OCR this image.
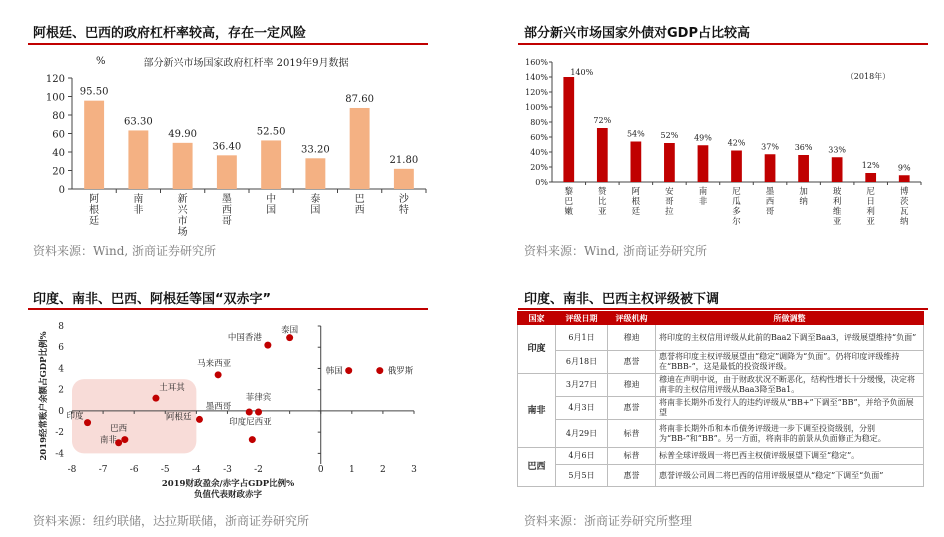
阿根廷、巴西的政府杠杆率较高，存在一定风险
%	部分新兴市场国家政府杠杆率 2019年9月数据
0
20
40
60
80
100
120
95.50
阿根廷
63.30
南非
49.90
新兴市场
36.40
墨西哥
52.50
中国
33.20
泰国
87.60
巴西
21.80
沙特
资料来源：Wind, 浙商证券研究所
部分新兴市场国家外债对GDP占比较高
0%
20%
40%
60%
80%
100%
120%
140%
160%
（2018年）
140%
黎巴嫩
72%
赞比亚
54%
阿根廷
52%
安哥拉
49%
南非
42%
尼瓜多尔
37%
墨西哥
36%
加纳
33%
玻利维亚
12%
尼日利亚
9%
博茨瓦纳
资料来源：Wind, 浙商证券研究所
印度、南非、巴西、阿根廷等国“双赤字”
-4
-2
0
2
4
6
8
-8 -7 -6 -5 -4 -3 -2	0	1	2	3
2019财政盈余/赤字占GDP比例%
负值代表财政赤字
2019经常账户余额占GDP比例%
泰国
中国香港
韩国	俄罗斯
马来西亚
土耳其
印度
巴西
南非
阿根廷
墨西哥
菲律宾
印度尼西亚
资料来源：纽约联储，达拉斯联储，浙商证券研究所
印度、南非、巴西主权评级被下调
国家	评级日期	评级机构	所做调整
印度	6月1日	穆迪	将印度的主权信用评级从此前的Baa2下调至Baa3，评级展望维持“负面”
	6月18日	惠誉	惠誉将印度主权评级展望由“稳定”调降为“负面”。仍将印度评级维持在“BBB-”，这是最低的投资级评级。
南非	3月27日	穆迪	穆迪在声明中说，由于财政状况不断恶化，结构性增长十分缓慢，决定将南非的主权信用评级从Baa3降至Ba1。
	4月3日	惠誉	将南非长期外币发行人的违约评级从“BB+”下调至“BB”，并给予负面展望
	4月29日	标普	将南非长期外币和本币债务评级进一步下调至投资级别，分别为“BB-”和“BB”。另一方面，将南非的前景从负面修正为稳定。
巴西	4月6日	标普	标普全球评级周一将巴西主权债评级展望下调至“稳定”。
	5月5日	惠誉	惠誉评级公司周二将巴西的信用评级展望从“稳定”下调至“负面”
资料来源：浙商证券研究所整理
